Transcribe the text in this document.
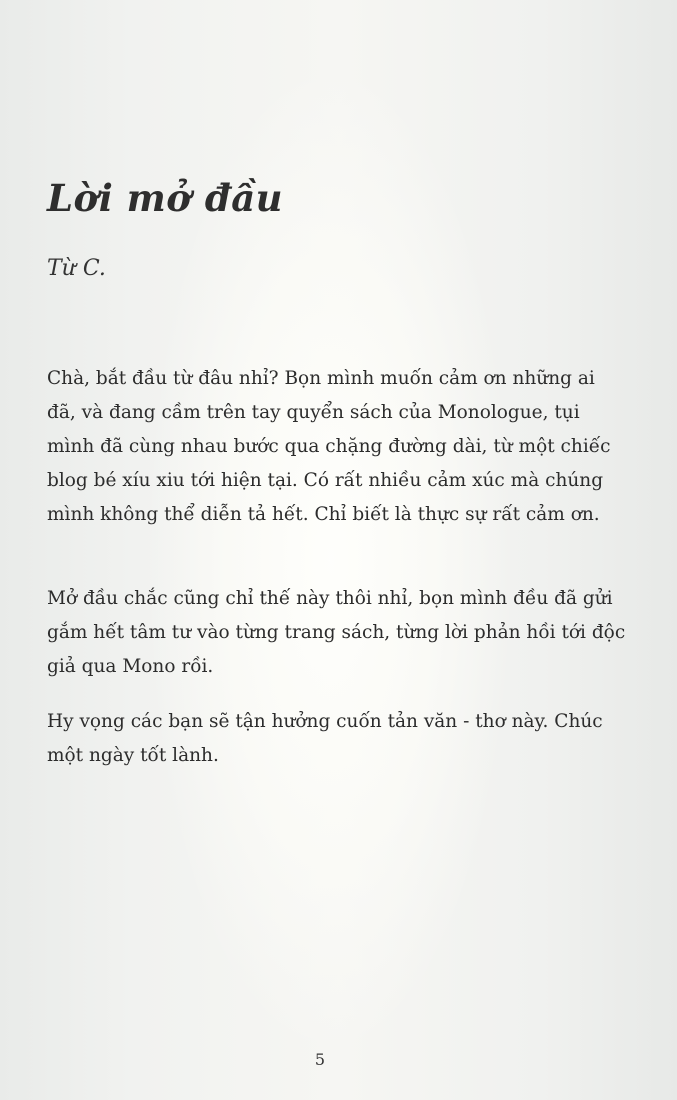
Lời mở đầu

Từ C.

Chà, bắt đầu từ đâu nhỉ? Bọn mình muốn cảm ơn những ai đã, và đang cầm trên tay quyển sách của Monologue, tụi mình đã cùng nhau bước qua chặng đường dài, từ một chiếc blog bé xíu xiu tới hiện tại. Có rất nhiều cảm xúc mà chúng mình không thể diễn tả hết. Chỉ biết là thực sự rất cảm ơn.

Mở đầu chắc cũng chỉ thế này thôi nhỉ, bọn mình đều đã gửi gắm hết tâm tư vào từng trang sách, từng lời phản hồi tới độc giả qua Mono rồi.

Hy vọng các bạn sẽ tận hưởng cuốn tản văn - thơ này. Chúc một ngày tốt lành.

5
